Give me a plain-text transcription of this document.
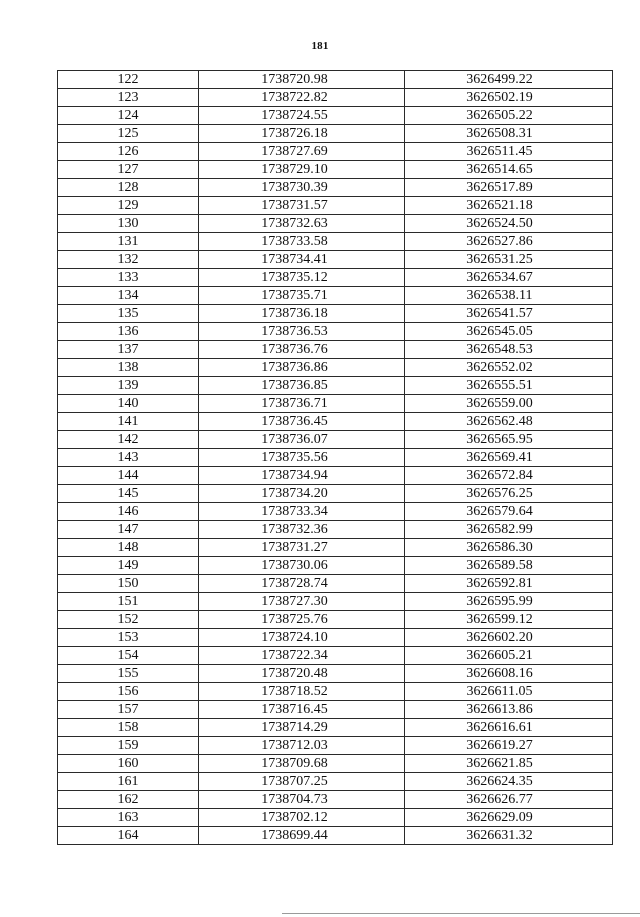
181
122	1738720.98	3626499.22
123	1738722.82	3626502.19
124	1738724.55	3626505.22
125	1738726.18	3626508.31
126	1738727.69	3626511.45
127	1738729.10	3626514.65
128	1738730.39	3626517.89
129	1738731.57	3626521.18
130	1738732.63	3626524.50
131	1738733.58	3626527.86
132	1738734.41	3626531.25
133	1738735.12	3626534.67
134	1738735.71	3626538.11
135	1738736.18	3626541.57
136	1738736.53	3626545.05
137	1738736.76	3626548.53
138	1738736.86	3626552.02
139	1738736.85	3626555.51
140	1738736.71	3626559.00
141	1738736.45	3626562.48
142	1738736.07	3626565.95
143	1738735.56	3626569.41
144	1738734.94	3626572.84
145	1738734.20	3626576.25
146	1738733.34	3626579.64
147	1738732.36	3626582.99
148	1738731.27	3626586.30
149	1738730.06	3626589.58
150	1738728.74	3626592.81
151	1738727.30	3626595.99
152	1738725.76	3626599.12
153	1738724.10	3626602.20
154	1738722.34	3626605.21
155	1738720.48	3626608.16
156	1738718.52	3626611.05
157	1738716.45	3626613.86
158	1738714.29	3626616.61
159	1738712.03	3626619.27
160	1738709.68	3626621.85
161	1738707.25	3626624.35
162	1738704.73	3626626.77
163	1738702.12	3626629.09
164	1738699.44	3626631.32
